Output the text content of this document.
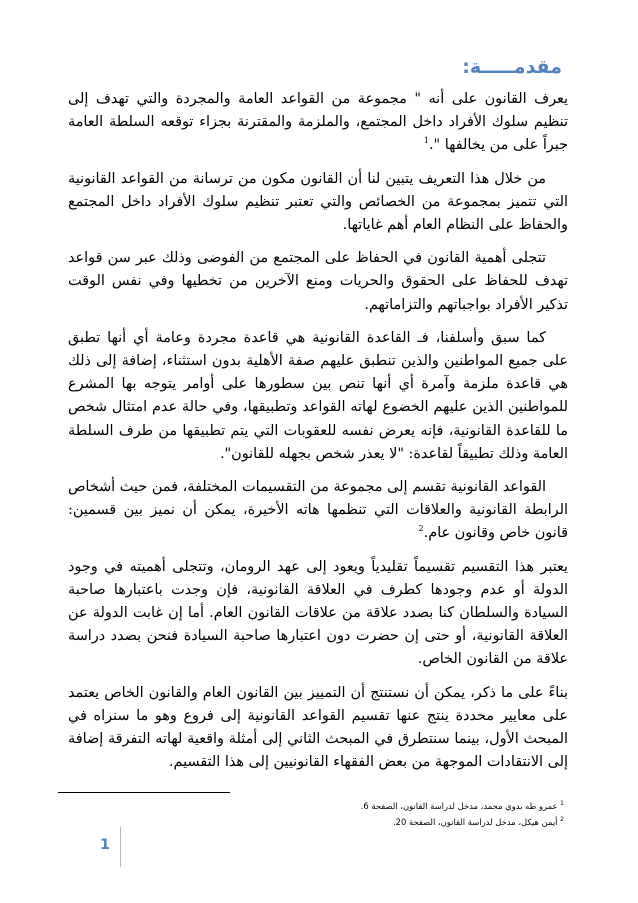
مقدمـــــة:

يعرف القانون على أنه " مجموعة من القواعد العامة والمجردة والتي تهدف إلى تنظيم سلوك الأفراد داخل المجتمع، والملزمة والمقترنة بجزاء توقعه السلطة العامة جبراً على من يخالفها ".$^1$

من خلال هذا التعريف يتبين لنا أن القانون مكون من ترسانة من القواعد القانونية التي تتميز بمجموعة من الخصائص والتي تعتبر تنظيم سلوك الأفراد داخل المجتمع والحفاظ على النظام العام أهم غاياتها.

تتجلى أهمية القانون في الحفاظ على المجتمع من الفوضى وذلك عبر سن قواعد تهدف للحفاظ على الحقوق والحريات ومنع الآخرين من تخطيها وفي نفس الوقت تذكير الأفراد بواجباتهم والتزاماتهم.

كما سبق وأسلفنا، فـ القاعدة القانونية هي قاعدة مجردة وعامة أي أنها تطبق على جميع المواطنين والذين تنطبق عليهم صفة الأهلية بدون استثناء، إضافة إلى ذلك هي قاعدة ملزمة وآمرة أي أنها تنص بين سطورها على أوامر يتوجه بها المشرع للمواطنين الذين عليهم الخضوع لهاته القواعد وتطبيقها، وفي حالة عدم امتثال شخص ما للقاعدة القانونية، فإنه يعرض نفسه للعقوبات التي يتم تطبيقها من طرف السلطة العامة وذلك تطبيقاً لقاعدة: "لا يعذر شخص بجهله للقانون".

القواعد القانونية تقسم إلى مجموعة من التقسيمات المختلفة، فمن حيث أشخاص الرابطة القانونية والعلاقات التي تنظمها هاته الأخيرة، يمكن أن نميز بين قسمين: قانون خاص وقانون عام.$^2$

يعتبر هذا التقسيم تقسيماً تقليدياً ويعود إلى عهد الرومان، وتتجلى أهميته في وجود الدولة أو عدم وجودها كطرف في العلاقة القانونية، فإن وجدت باعتبارها صاحبة السيادة والسلطان كنا بصدد علاقة من علاقات القانون العام. أما إن غابت الدولة عن العلاقة القانونية، أو حتى إن حضرت دون اعتبارها صاحبة السيادة فنحن بصدد دراسة علاقة من القانون الخاص.

بناءً على ما ذكر، يمكن أن نستنتج أن التمييز بين القانون العام والقانون الخاص يعتمد على معايير محددة ينتج عنها تقسيم القواعد القانونية إلى فروع وهو ما سنراه في المبحث الأول، بينما سنتطرق في المبحث الثاني إلى أمثلة واقعية لهاته التفرقة إضافة إلى الانتقادات الموجهة من بعض الفقهاء القانونيين إلى هذا التقسيم.

$^1$ عمرو طه بدوي محمد، مدخل لدراسة القانون، الصفحة 6.
$^2$ أيمن هيكل، مدخل لدراسة القانون، الصفحة 20.
1
